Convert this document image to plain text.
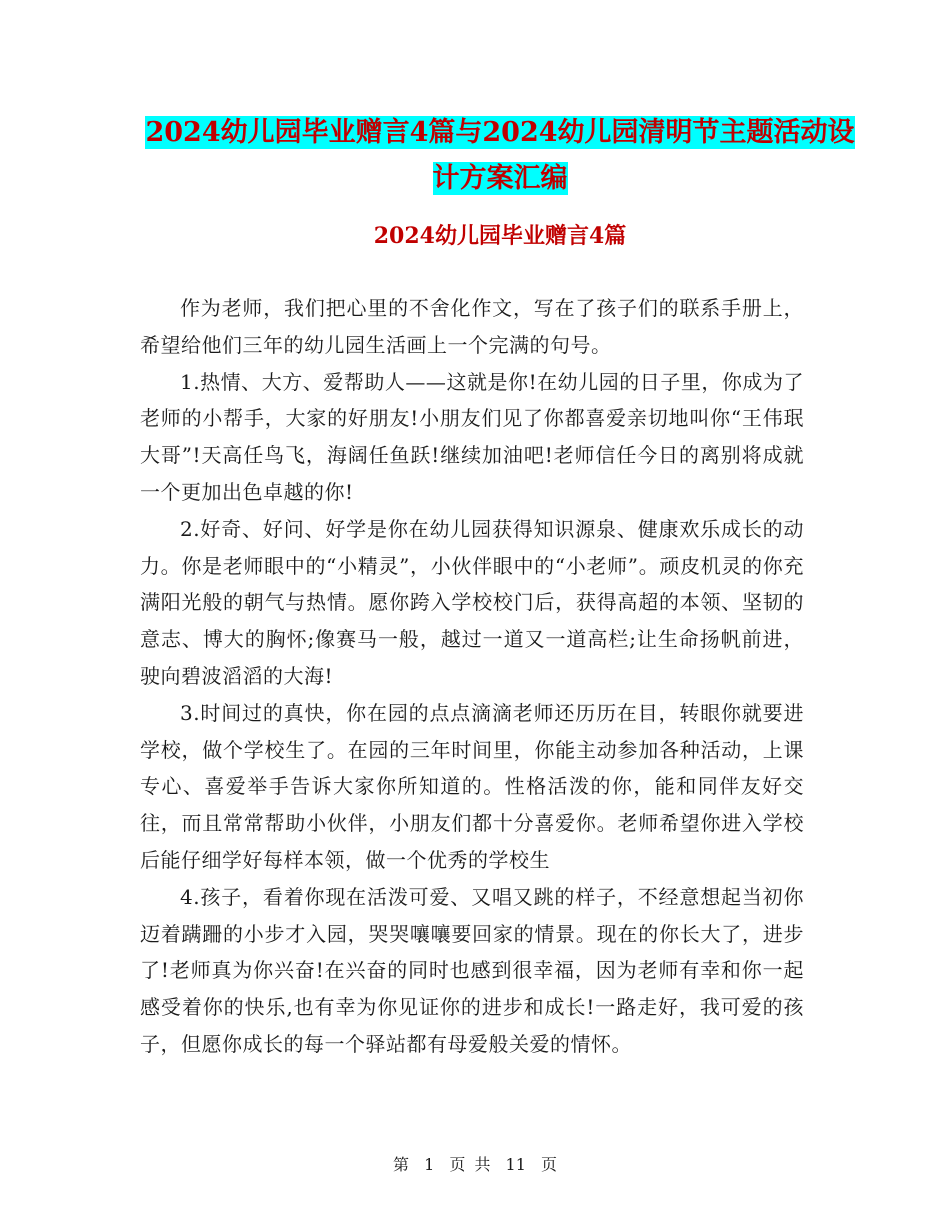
2024幼儿园毕业赠言4篇与2024幼儿园清明节主题活动设计方案汇编
2024幼儿园毕业赠言4篇

作为老师，我们把心里的不舍化作文，写在了孩子们的联系手册上，希望给他们三年的幼儿园生活画上一个完满的句号。

1.热情、大方、爱帮助人——这就是你!在幼儿园的日子里，你成为了老师的小帮手，大家的好朋友!小朋友们见了你都喜爱亲切地叫你“王伟珉大哥”!天高任鸟飞，海阔任鱼跃!继续加油吧!老师信任今日的离别将成就一个更加出色卓越的你!

2.好奇、好问、好学是你在幼儿园获得知识源泉、健康欢乐成长的动力。你是老师眼中的“小精灵”，小伙伴眼中的“小老师”。顽皮机灵的你充满阳光般的朝气与热情。愿你跨入学校校门后，获得高超的本领、坚韧的意志、博大的胸怀;像赛马一般，越过一道又一道高栏;让生命扬帆前进，驶向碧波滔滔的大海!

3.时间过的真快，你在园的点点滴滴老师还历历在目，转眼你就要进学校，做个学校生了。在园的三年时间里，你能主动参加各种活动，上课专心、喜爱举手告诉大家你所知道的。性格活泼的你，能和同伴友好交往，而且常常帮助小伙伴，小朋友们都十分喜爱你。老师希望你进入学校后能仔细学好每样本领，做一个优秀的学校生

4.孩子，看着你现在活泼可爱、又唱又跳的样子，不经意想起当初你迈着蹒跚的小步才入园，哭哭嚷嚷要回家的情景。现在的你长大了，进步了!老师真为你兴奋!在兴奋的同时也感到很幸福，因为老师有幸和你一起感受着你的快乐,也有幸为你见证你的进步和成长!一路走好，我可爱的孩子，但愿你成长的每一个驿站都有母爱般关爱的情怀。

第 1 页 共 11 页
